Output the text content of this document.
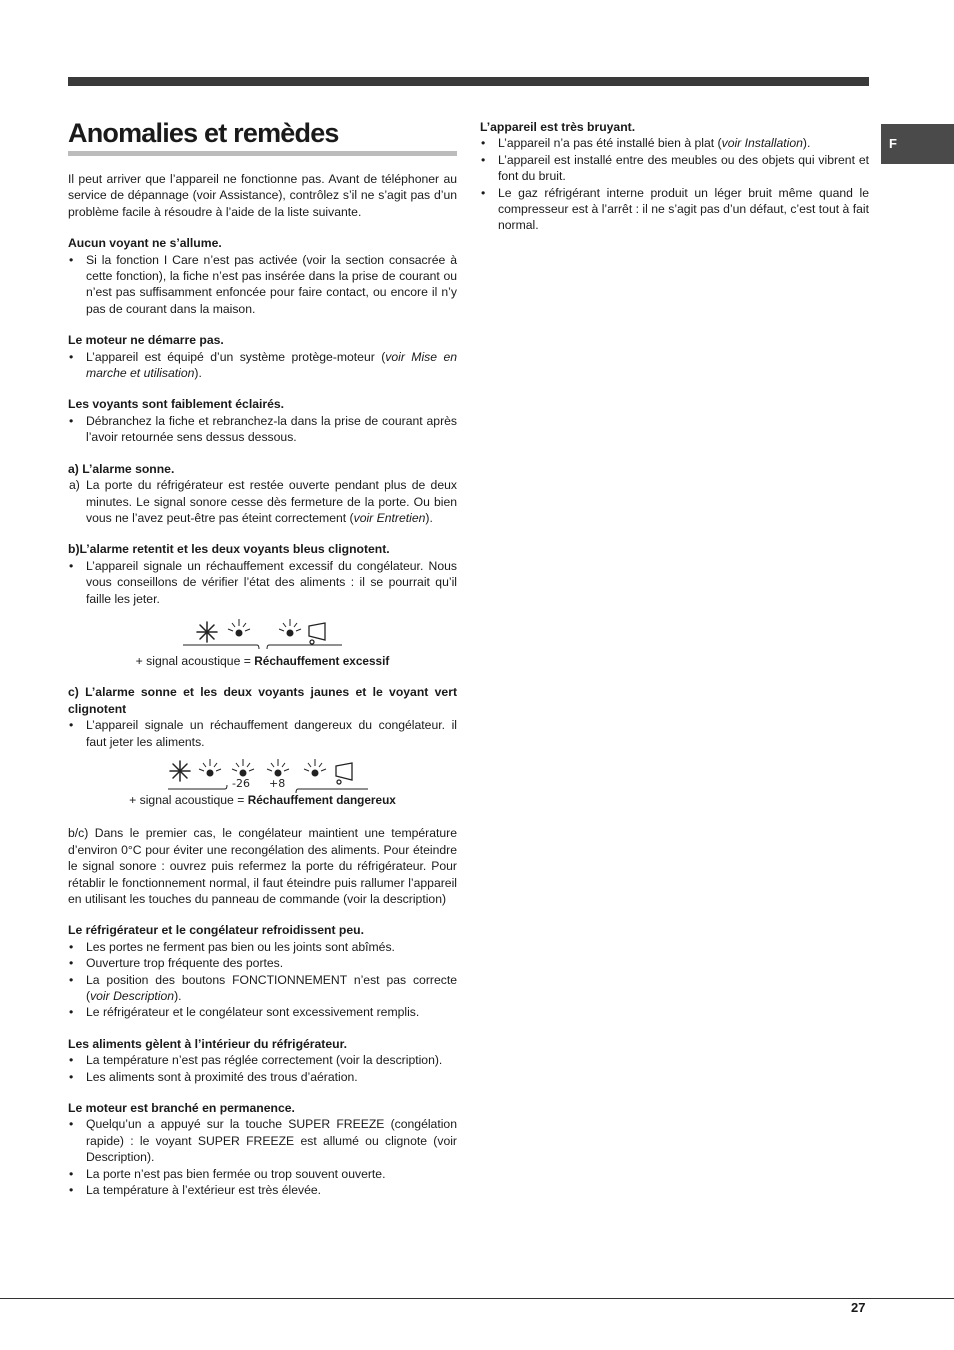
F
Anomalies et remèdes

Il peut arriver que l’appareil ne fonctionne pas. Avant de téléphoner au service de dépannage (voir Assistance), contrôlez s’il ne s’agit pas d’un problème facile à résoudre à l’aide de la liste suivante.

Aucun voyant ne s’allume.

• Si la fonction I Care n’est pas activée (voir la section consacrée à cette fonction), la fiche n’est pas insérée dans la prise de courant ou n’est pas suffisamment enfoncée pour faire contact, ou encore il n’y pas de courant dans la maison.

Le moteur ne démarre pas.

• L’appareil est équipé d’un système protège-moteur (voir Mise en marche et utilisation).

Les voyants sont faiblement éclairés.

• Débranchez la fiche et rebranchez-la dans la prise de courant après l’avoir retournée sens dessus dessous.

a) L’alarme sonne.

a) La porte du réfrigérateur est restée ouverte pendant plus de deux minutes. Le signal sonore cesse dès fermeture de la porte. Ou bien vous ne l’avez peut-être pas éteint correctement (voir Entretien).

b)L’alarme retentit et les deux voyants bleus clignotent.

• L’appareil signale un réchauffement excessif du congélateur. Nous vous conseillons de vérifier l’état des aliments : il se pourrait qu’il faille les jeter.
+ signal acoustique = Réchauffement excessif

c) L’alarme sonne et les deux voyants jaunes et le voyant vert clignotent

• L’appareil signale un réchauffement dangereux du congélateur. il faut jeter les aliments.
-26 +8
+ signal acoustique = Réchauffement dangereux

b/c) Dans le premier cas, le congélateur maintient une température d’environ 0°C pour éviter une recongélation des aliments. Pour éteindre le signal sonore : ouvrez puis refermez la porte du réfrigérateur. Pour rétablir le fonctionnement normal, il faut éteindre puis rallumer l’appareil en utilisant les touches du panneau de commande (voir la description)

Le réfrigérateur et le congélateur refroidissent peu.

• Les portes ne ferment pas bien ou les joints sont abîmés.
• Ouverture trop fréquente des portes.
• La position des boutons FONCTIONNEMENT n’est pas correcte (voir Description).
• Le réfrigérateur et le congélateur sont excessivement remplis.

Les aliments gèlent à l’intérieur du réfrigérateur.

• La température n’est pas réglée correctement (voir la description).
• Les aliments sont à proximité des trous d’aération.

Le moteur est branché en permanence.

• Quelqu’un a appuyé sur la touche SUPER FREEZE (congélation rapide) : le voyant SUPER FREEZE est allumé ou clignote (voir Description).
• La porte n’est pas bien fermée ou trop souvent ouverte.
• La température à l’extérieur est très élevée.

L’appareil est très bruyant.

• L’appareil n’a pas été installé bien à plat (voir Installation).
• L’appareil est installé entre des meubles ou des objets qui vibrent et font du bruit.
• Le gaz réfrigérant interne produit un léger bruit même quand le compresseur est à l’arrêt : il ne s’agit pas d’un défaut, c’est tout à fait normal.
27
